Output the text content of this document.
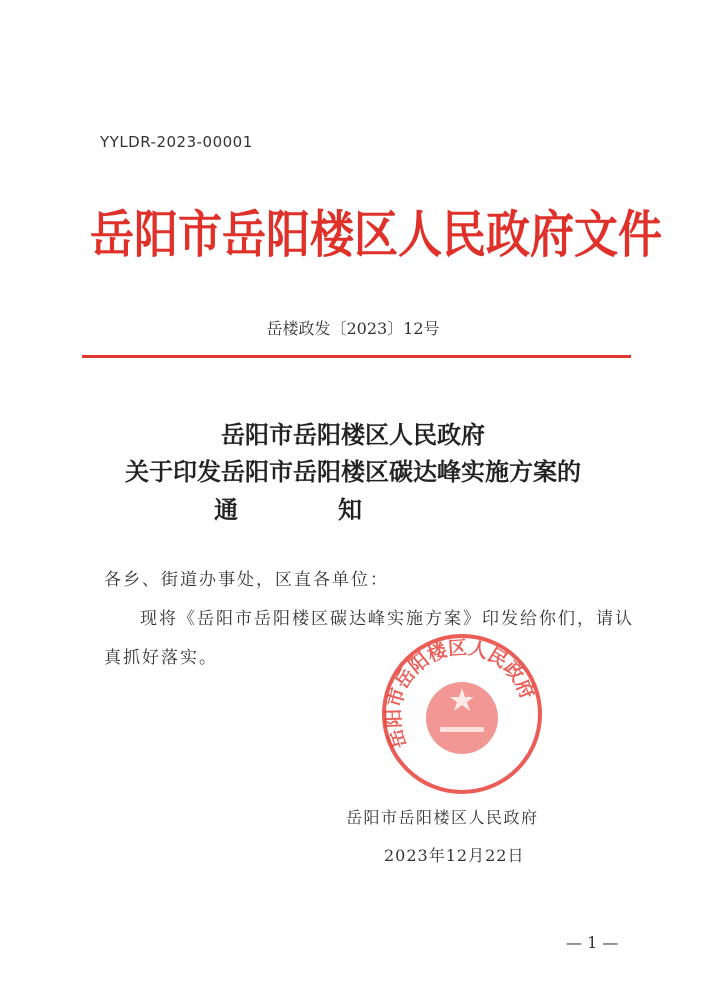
YYLDR-2023-00001
岳阳市岳阳楼区人民政府文件
岳楼政发〔2023〕12号
岳阳市岳阳楼区人民政府
关于印发岳阳市岳阳楼区碳达峰实施方案的
通	知
各乡、街道办事处，区直各单位：
现将《岳阳市岳阳楼区碳达峰实施方案》印发给你们，请认
真抓好落实。
岳阳市岳阳楼区人民政府
岳阳市岳阳楼区人民政府
2023年12月22日
— 1 —
